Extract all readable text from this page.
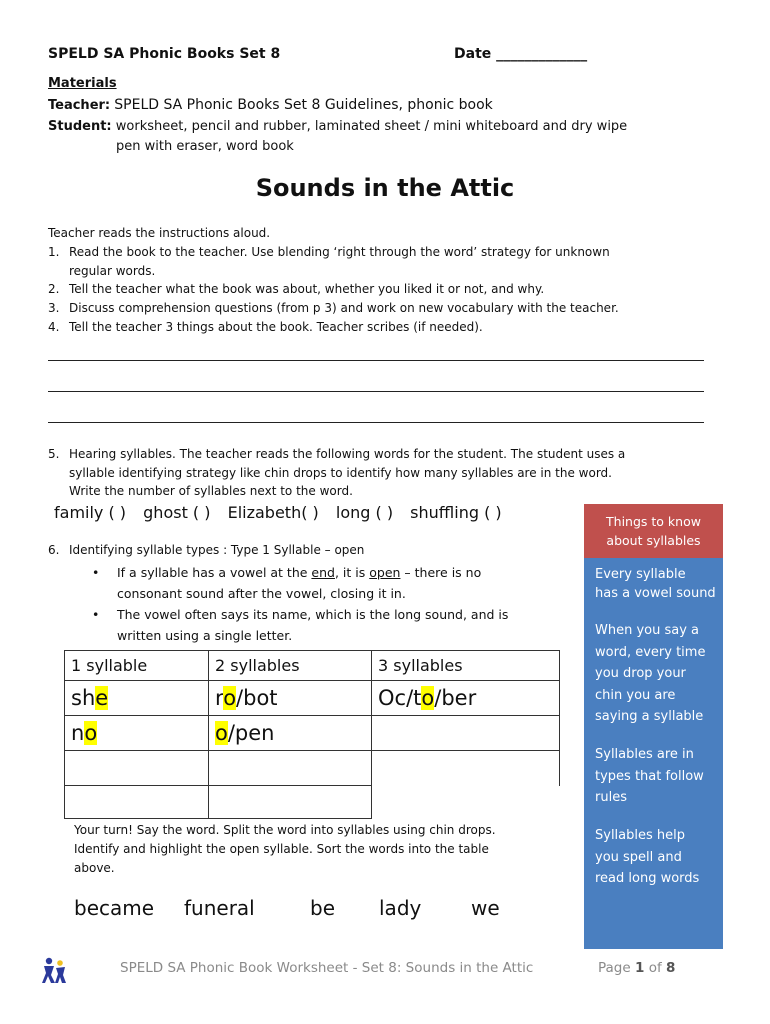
SPELD SA Phonic Books Set 8	Date _____________
Materials
Teacher: SPELD SA Phonic Books Set 8 Guidelines, phonic book
Student: worksheet, pencil and rubber, laminated sheet / mini whiteboard and dry wipe
pen with eraser, word book
Sounds in the Attic
Teacher reads the instructions aloud.
1. Read the book to the teacher. Use blending ‘right through the word’ strategy for unknown
regular words.
2. Tell the teacher what the book was about, whether you liked it or not, and why.
3. Discuss comprehension questions (from p 3) and work on new vocabulary with the teacher.
4. Tell the teacher 3 things about the book. Teacher scribes (if needed).
5. Hearing syllables. The teacher reads the following words for the student. The student uses a
syllable identifying strategy like chin drops to identify how many syllables are in the word.
Write the number of syllables next to the word.
family ( ) ghost ( ) Elizabeth( ) long ( ) shuffling ( )
6. Identifying syllable types : Type 1 Syllable – open
• If a syllable has a vowel at the end, it is open – there is no
consonant sound after the vowel, closing it in.
• The vowel often says its name, which is the long sound, and is
written using a single letter.
1 syllable	2 syllables	3 syllables
she	ro/bot	Oc/to/ber
no	o/pen	

Your turn! Say the word. Split the word into syllables using chin drops.
Identify and highlight the open syllable. Sort the words into the table
above.
became funeral	be lady we
Things to know
about syllables
Every syllable
has a vowel sound
When you say a
word, every time
you drop your
chin you are
saying a syllable
Syllables are in
types that follow
rules
Syllables help
you spell and
read long words
SPELD SA Phonic Book Worksheet - Set 8: Sounds in the Attic	Page 1 of 8
